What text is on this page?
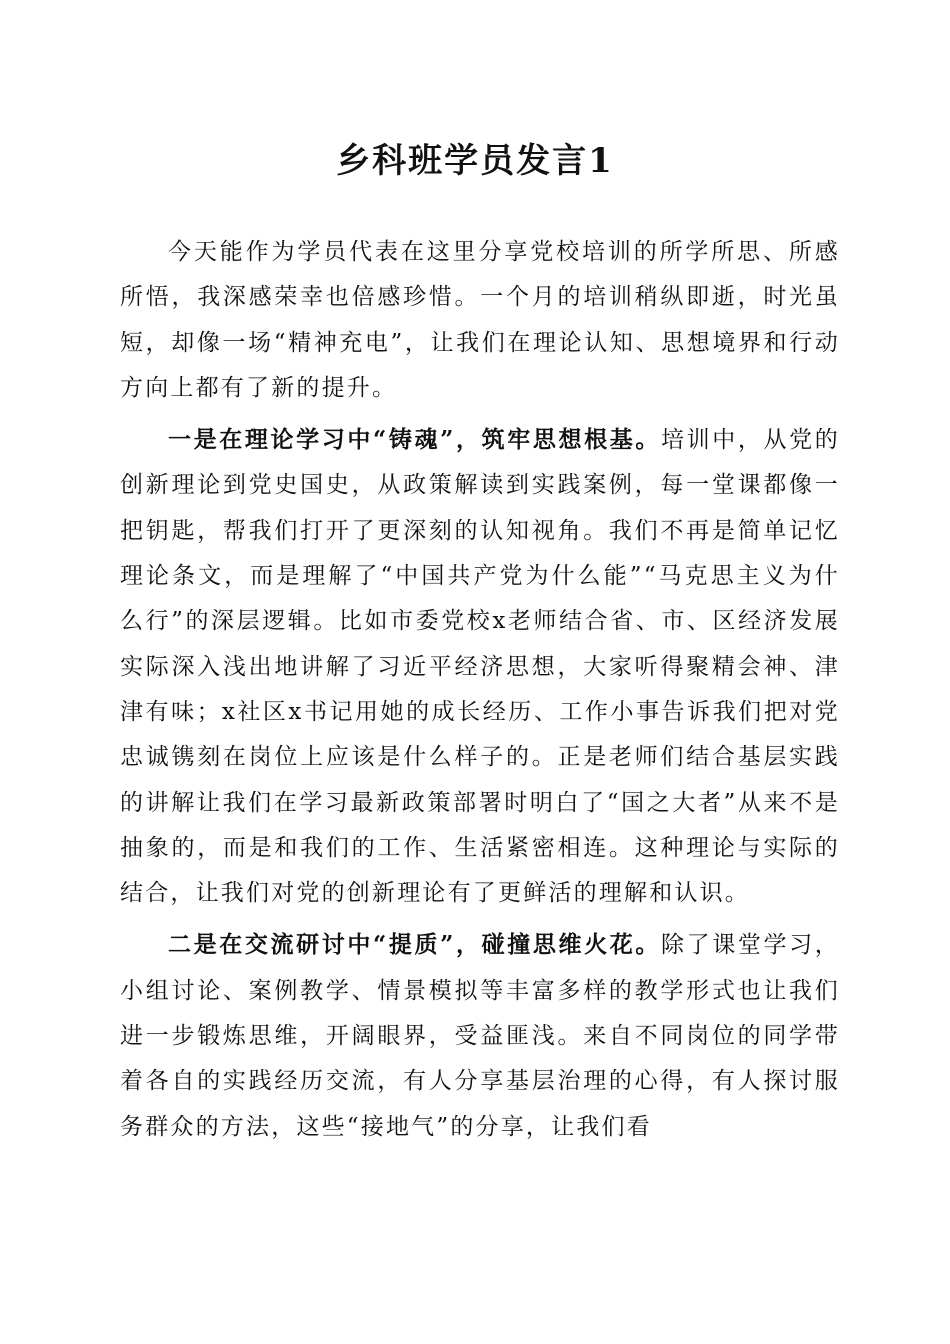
乡科班学员发言1

今天能作为学员代表在这里分享党校培训的所学所思、所感所悟，我深感荣幸也倍感珍惜。一个月的培训稍纵即逝，时光虽短，却像一场“精神充电”，让我们在理论认知、思想境界和行动方向上都有了新的提升。

一是在理论学习中“铸魂”，筑牢思想根基。培训中，从党的创新理论到党史国史，从政策解读到实践案例，每一堂课都像一把钥匙，帮我们打开了更深刻的认知视角。我们不再是简单记忆理论条文，而是理解了“中国共产党为什么能”“马克思主义为什么行”的深层逻辑。比如市委党校x老师结合省、市、区经济发展实际深入浅出地讲解了习近平经济思想，大家听得聚精会神、津津有味；x社区x书记用她的成长经历、工作小事告诉我们把对党忠诚镌刻在岗位上应该是什么样子的。正是老师们结合基层实践的讲解让我们在学习最新政策部署时明白了“国之大者”从来不是抽象的，而是和我们的工作、生活紧密相连。这种理论与实际的结合，让我们对党的创新理论有了更鲜活的理解和认识。

二是在交流研讨中“提质”，碰撞思维火花。除了课堂学习，小组讨论、案例教学、情景模拟等丰富多样的教学形式也让我们进一步锻炼思维，开阔眼界，受益匪浅。来自不同岗位的同学带着各自的实践经历交流，有人分享基层治理的心得，有人探讨服务群众的方法，这些“接地气”的分享，让我们看
